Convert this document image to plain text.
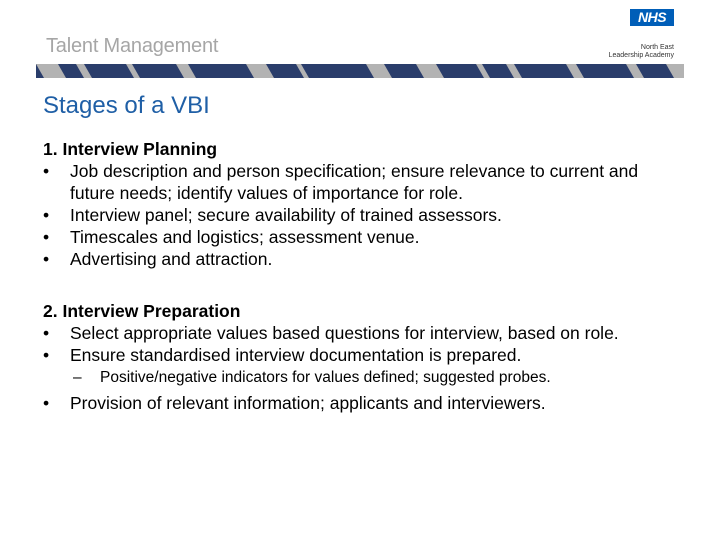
Talent Management
NHS
North East
Leadership Academy
Stages of a VBI
1. Interview Planning
•	Job description and person specification; ensure relevance to current and future needs; identify values of importance for role.
•	Interview panel; secure availability of trained assessors.
•	Timescales and logistics; assessment venue.
•	Advertising and attraction.
2. Interview Preparation
•	Select appropriate values based questions for interview, based on role.
•	Ensure standardised interview documentation is prepared.
–	Positive/negative indicators for values defined; suggested probes.
•	Provision of relevant information; applicants and interviewers.
